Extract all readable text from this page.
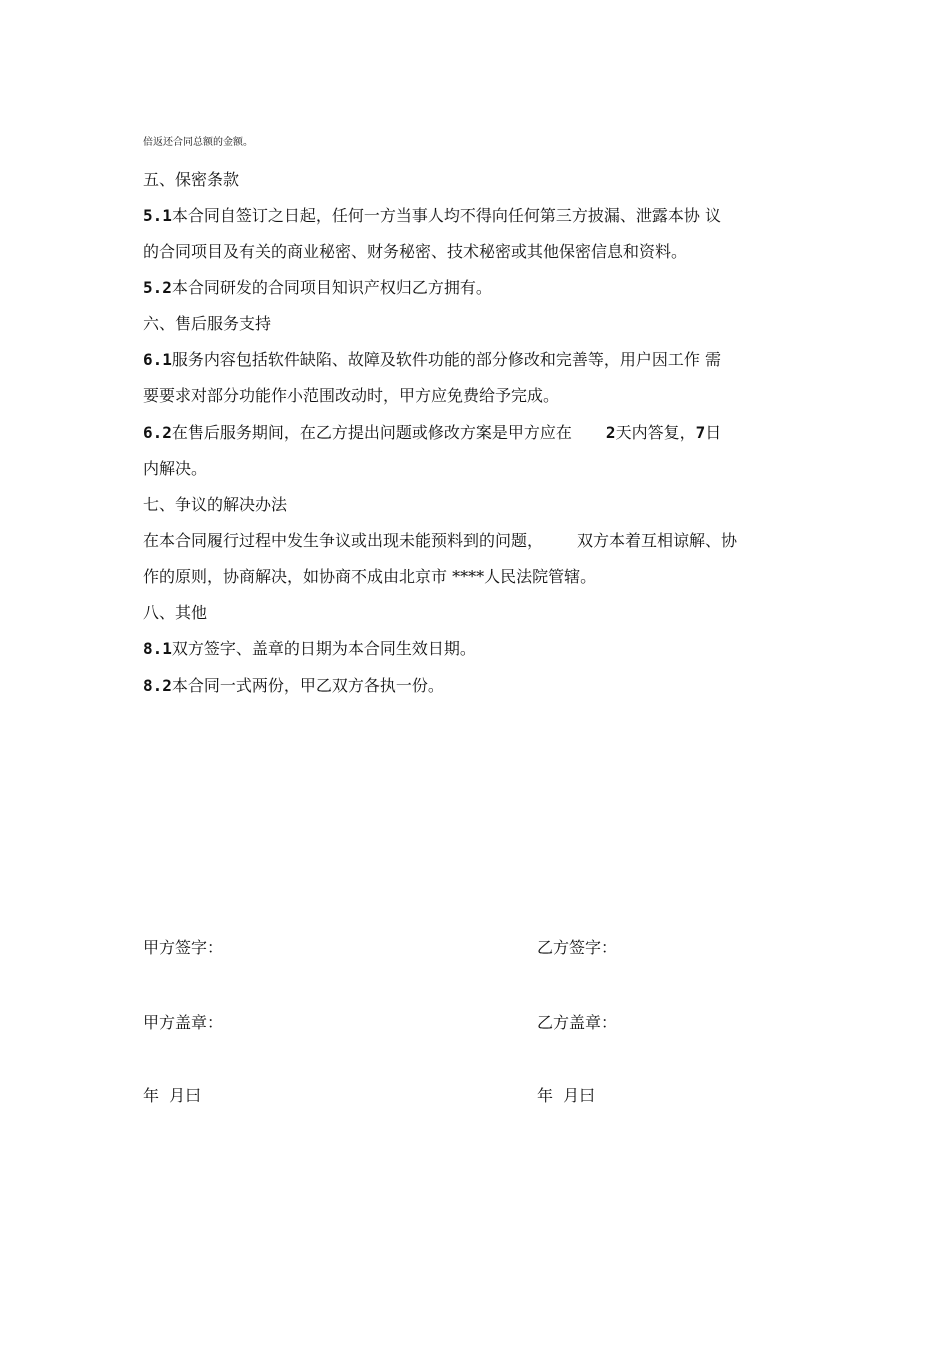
倍返还合同总额的金额。
五、保密条款
5.1本合同自签订之日起，任何一方当事人均不得向任何第三方披漏、泄露本协 议
的合同项目及有关的商业秘密、财务秘密、技术秘密或其他保密信息和资料。
5.2本合同研发的合同项目知识产权归乙方拥有。
六、售后服务支持
6.1服务内容包括软件缺陷、故障及软件功能的部分修改和完善等，用户因工作 需
要要求对部分功能作小范围改动时，甲方应免费给予完成。
6.2在售后服务期间，在乙方提出问题或修改方案是甲方应在 2天内答复，7日
内解决。
七、争议的解决办法
在本合同履行过程中发生争议或出现未能预料到的问题， 双方本着互相谅解、协
作的原则，协商解决，如协商不成由北京市 ****人民法院管辖。
八、其他
8.1双方签字、盖章的日期为本合同生效日期。
8.2本合同一式两份，甲乙双方各执一份。
甲方签字：	乙方签字：
甲方盖章：	乙方盖章：
年  月曰	年  月曰
